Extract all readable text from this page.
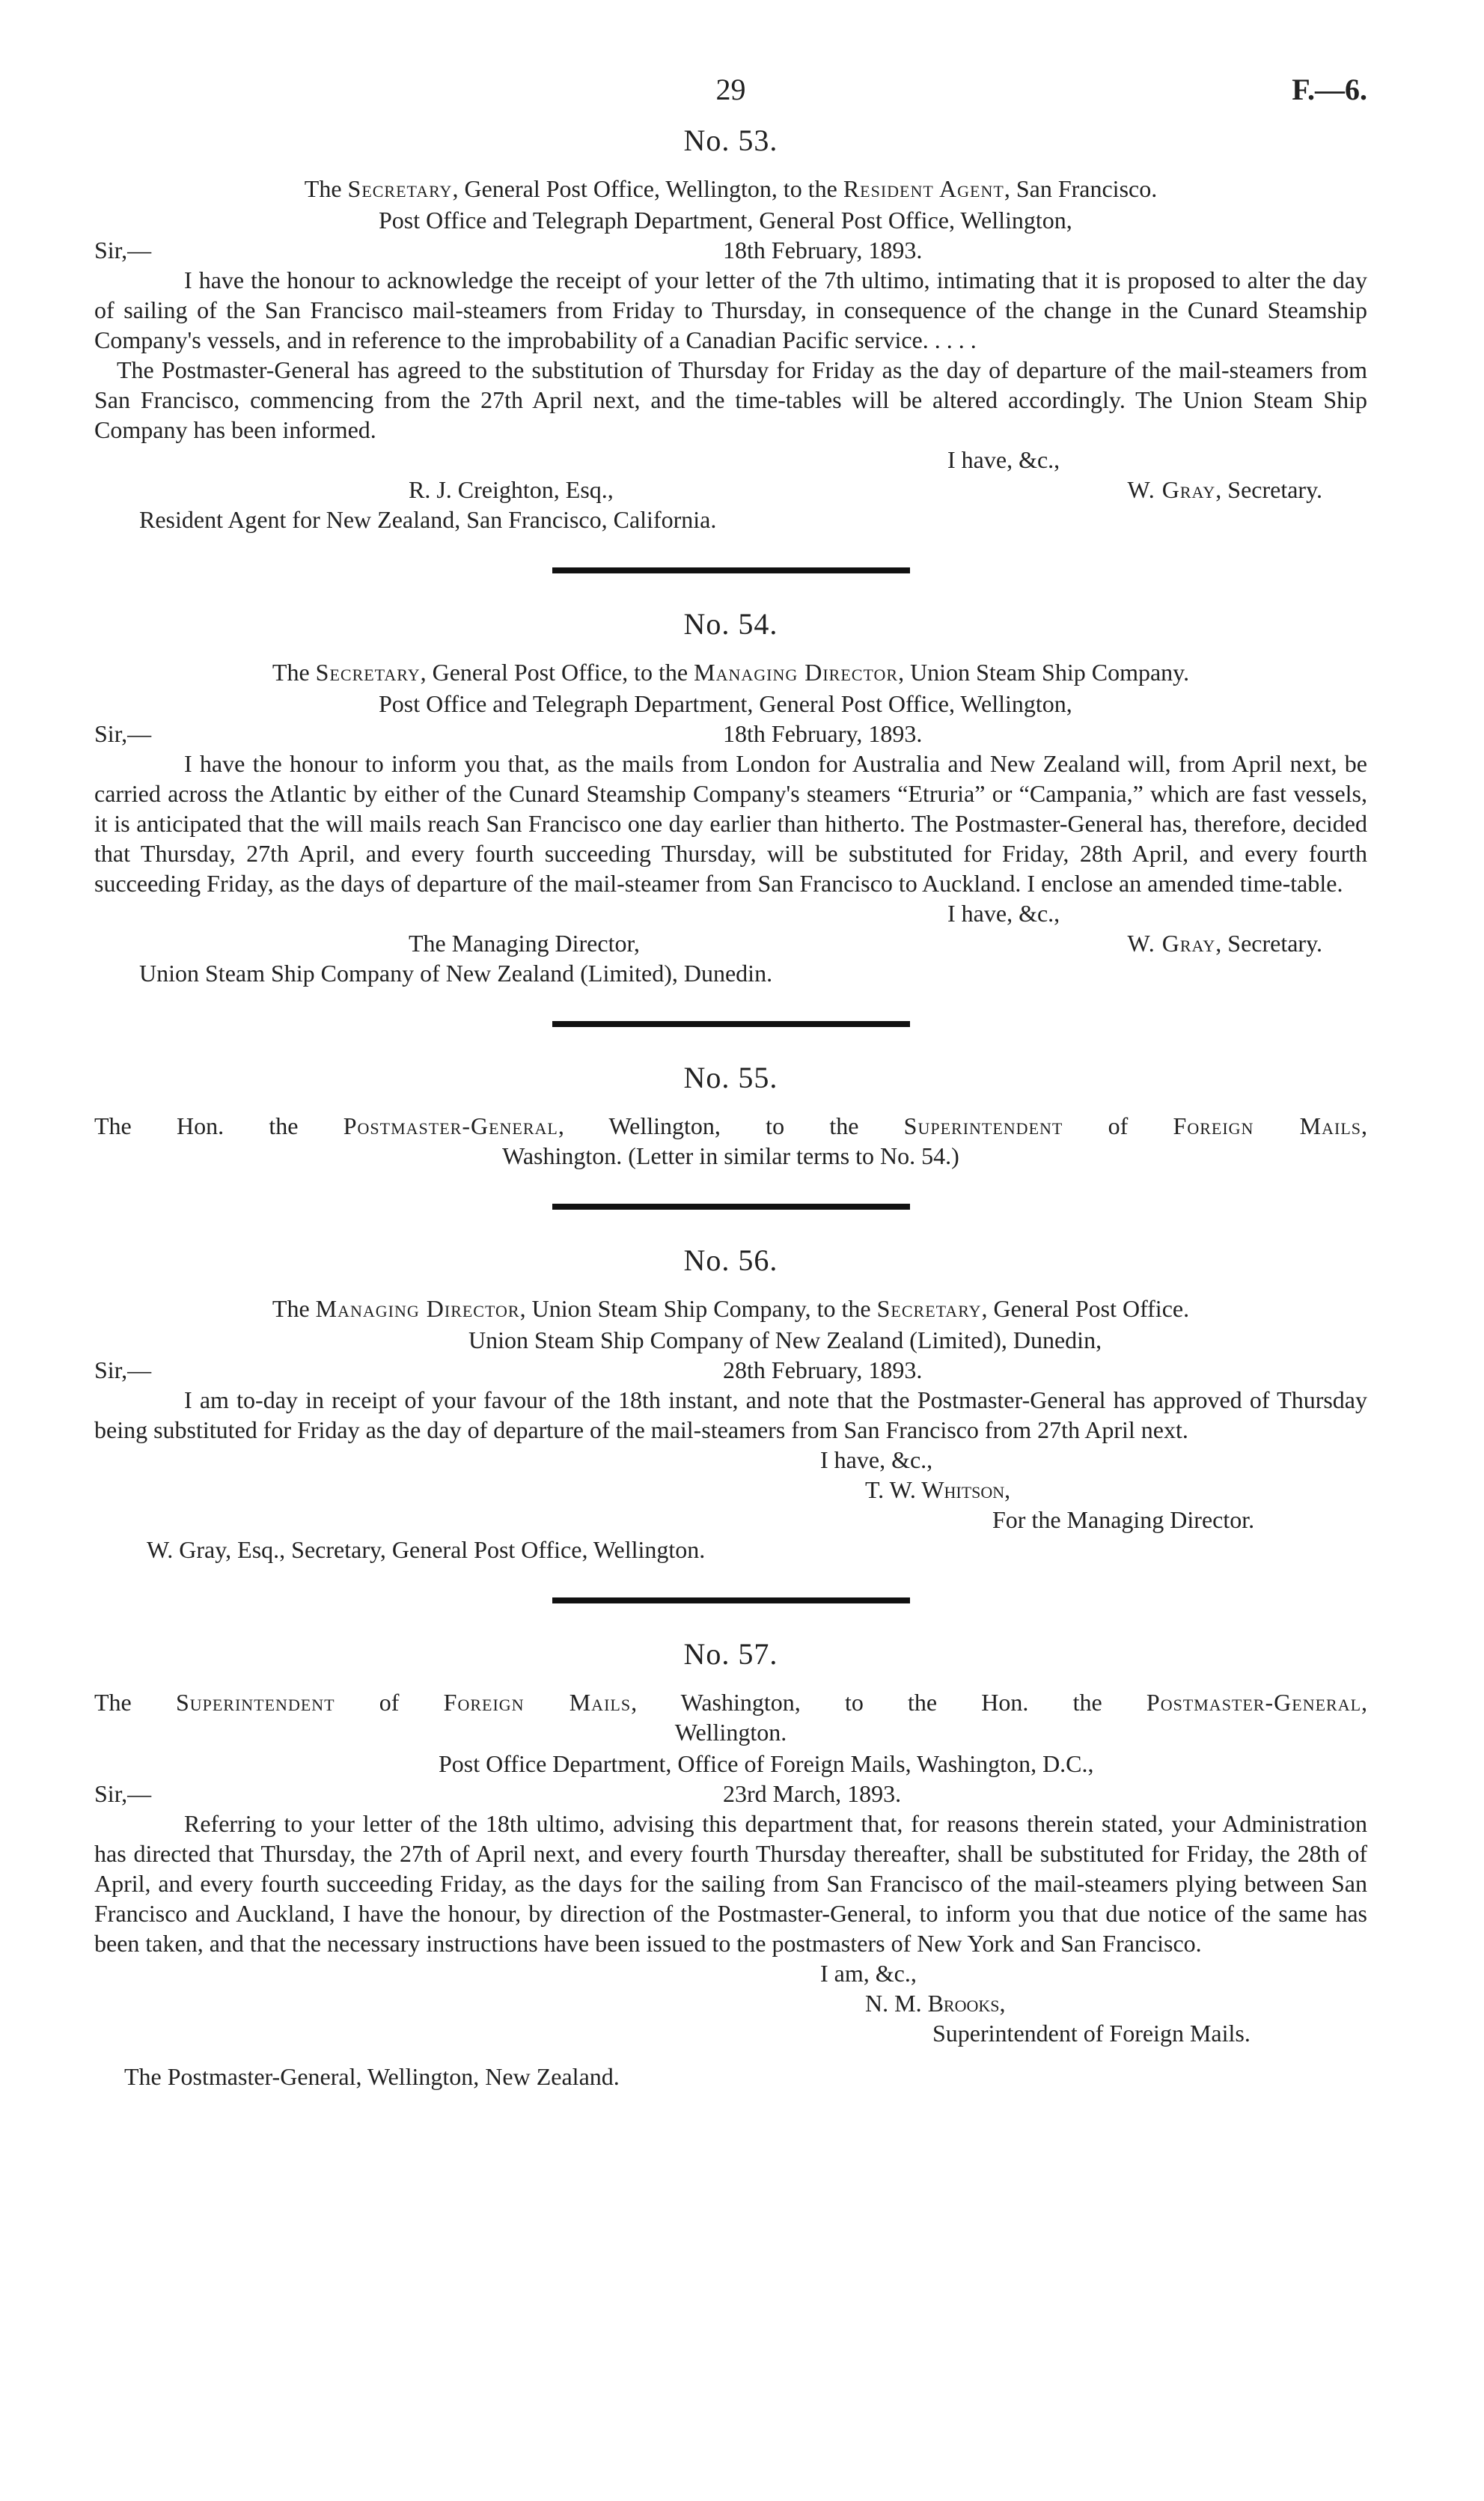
29	F.—6.
No. 53.
The Secretary, General Post Office, Wellington, to the Resident Agent, San Francisco.
Post Office and Telegraph Department, General Post Office, Wellington,
18th February, 1893.
Sir,—

I have the honour to acknowledge the receipt of your letter of the 7th ultimo, intimating that it is proposed to alter the day of sailing of the San Francisco mail-steamers from Friday to Thursday, in consequence of the change in the Cunard Steamship Company's vessels, and in reference to the improbability of a Canadian Pacific service. . . . .

The Postmaster-General has agreed to the substitution of Thursday for Friday as the day of departure of the mail-steamers from San Francisco, commencing from the 27th April next, and the time-tables will be altered accordingly. The Union Steam Ship Company has been informed.

I have, &c.,
R. J. Creighton, Esq.,	W. Gray, Secretary.
Resident Agent for New Zealand, San Francisco, California.
No. 54.
The Secretary, General Post Office, to the Managing Director, Union Steam Ship Company.
Post Office and Telegraph Department, General Post Office, Wellington,
18th February, 1893.
Sir,—

I have the honour to inform you that, as the mails from London for Australia and New Zealand will, from April next, be carried across the Atlantic by either of the Cunard Steamship Company's steamers “Etruria” or “Campania,” which are fast vessels, it is anticipated that the will mails reach San Francisco one day earlier than hitherto. The Postmaster-General has, therefore, decided that Thursday, 27th April, and every fourth succeeding Thursday, will be substituted for Friday, 28th April, and every fourth succeeding Friday, as the days of departure of the mail-steamer from San Francisco to Auckland. I enclose an amended time-table.

I have, &c.,
The Managing Director,	W. Gray, Secretary.
Union Steam Ship Company of New Zealand (Limited), Dunedin.
No. 55.
The Hon. the Postmaster-General, Wellington, to the Superintendent of Foreign Mails,
Washington. (Letter in similar terms to No. 54.)
No. 56.
The Managing Director, Union Steam Ship Company, to the Secretary, General Post Office.
Union Steam Ship Company of New Zealand (Limited), Dunedin,
28th February, 1893.
Sir,—

I am to-day in receipt of your favour of the 18th instant, and note that the Postmaster-General has approved of Thursday being substituted for Friday as the day of departure of the mail-steamers from San Francisco from 27th April next.

I have, &c.,
T. W. Whitson,
For the Managing Director.
W. Gray, Esq., Secretary, General Post Office, Wellington.
No. 57.
The Superintendent of Foreign Mails, Washington, to the Hon. the Postmaster-General,
Wellington.
Post Office Department, Office of Foreign Mails, Washington, D.C.,
23rd March, 1893.
Sir,—

Referring to your letter of the 18th ultimo, advising this department that, for reasons therein stated, your Administration has directed that Thursday, the 27th of April next, and every fourth Thursday thereafter, shall be substituted for Friday, the 28th of April, and every fourth succeeding Friday, as the days for the sailing from San Francisco of the mail-steamers plying between San Francisco and Auckland, I have the honour, by direction of the Postmaster-General, to inform you that due notice of the same has been taken, and that the necessary instructions have been issued to the postmasters of New York and San Francisco.

I am, &c.,
N. M. Brooks,
Superintendent of Foreign Mails.
The Postmaster-General, Wellington, New Zealand.
